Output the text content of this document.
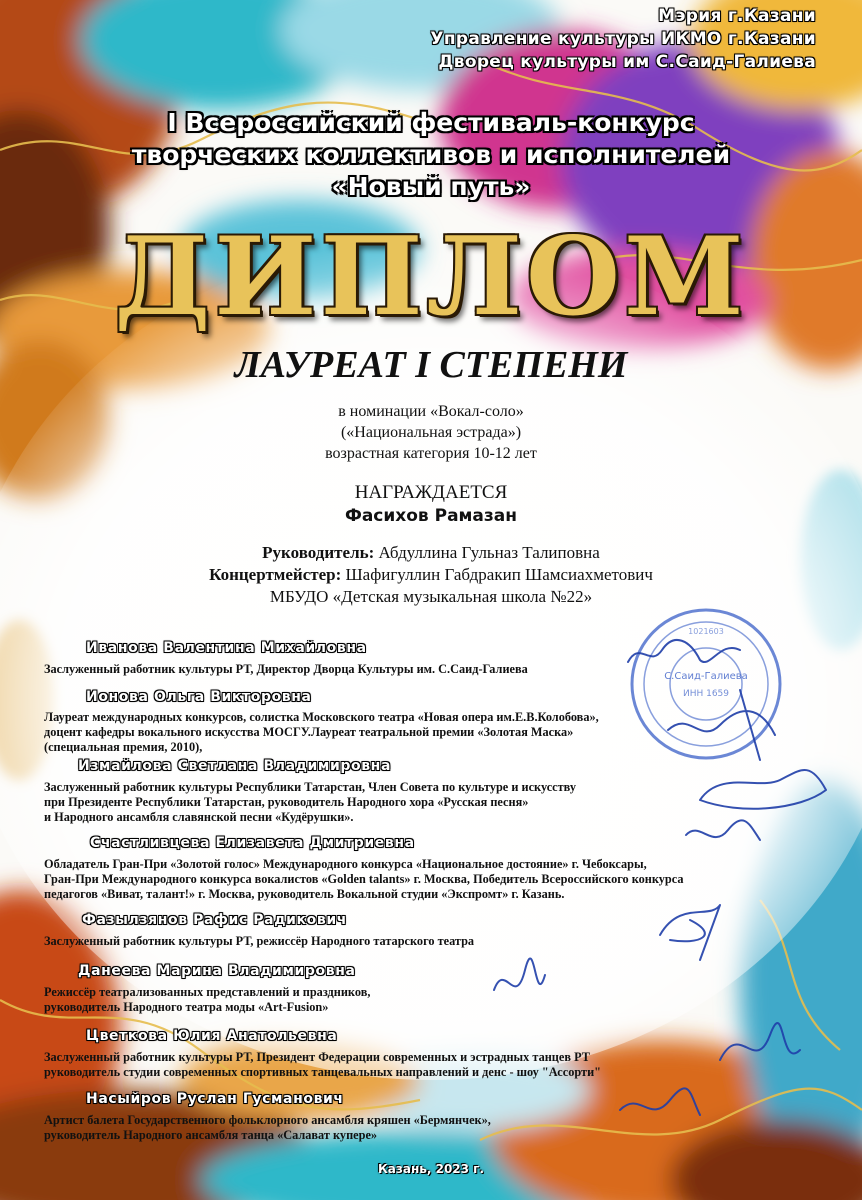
Мэрия г.Казани
Управление культуры ИКМО г.Казани
Дворец культуры им С.Саид-Галиева
I Всероссийский фестиваль-конкурс
творческих коллективов и исполнителей
«Новый путь»
ДИПЛОМ
ЛАУРЕАТ I СТЕПЕНИ
в номинации «Вокал-соло»
(«Национальная эстрада»)
возрастная категория 10-12 лет
НАГРАЖДАЕТСЯ
Фасихов Рамазан
Руководитель: Абдуллина Гульназ Талиповна
Концертмейстер: Шафигуллин Габдракип Шамсиахметович
МБУДО «Детская музыкальная школа №22»
Иванова Валентина Михайловна
Заслуженный работник культуры РТ, Директор Дворца Культуры им. С.Саид-Галиева
Ионова Ольга Викторовна
Лауреат международных конкурсов, солистка Московского театра «Новая опера им.Е.В.Колобова»,
доцент кафедры вокального искусства МОСГУ.Лауреат театральной премии «Золотая Маска»
(специальная премия, 2010),
Измайлова Светлана Владимировна
Заслуженный работник культуры Республики Татарстан, Член Совета по культуре и искусству
при Президенте Республики Татарстан, руководитель Народного хора «Русская песня»
и Народного ансамбля славянской песни «Кудёрушки».
Счастливцева Елизавета Дмитриевна
Обладатель Гран-При «Золотой голос» Международного конкурса «Национальное достояние» г. Чебоксары,
Гран-При Международного конкурса вокалистов «Golden talants» г. Москва, Победитель Всероссийского конкурса
педагогов «Виват, талант!» г. Москва, руководитель Вокальной студии «Экспромт» г. Казань.
Фазылзянов Рафис Радикович
Заслуженный работник культуры РТ, режиссёр Народного татарского театра
Данеева Марина Владимировна
Режиссёр театрализованных представлений и праздников,
руководитель Народного театра моды «Art-Fusion»
Цветкова Юлия Анатольевна
Заслуженный работник культуры РТ, Президент Федерации современных и эстрадных танцев РТ
руководитель студии современных спортивных танцевальных направлений и денс - шоу "Ассорти"
Насыйров Руслан Гусманович
Артист балета Государственного фольклорного ансамбля кряшен «Бермянчек»,
руководитель Народного ансамбля танца «Салават купере»
С.Саид-Галиева
ИНН 1659
1021603
Казань, 2023 г.
